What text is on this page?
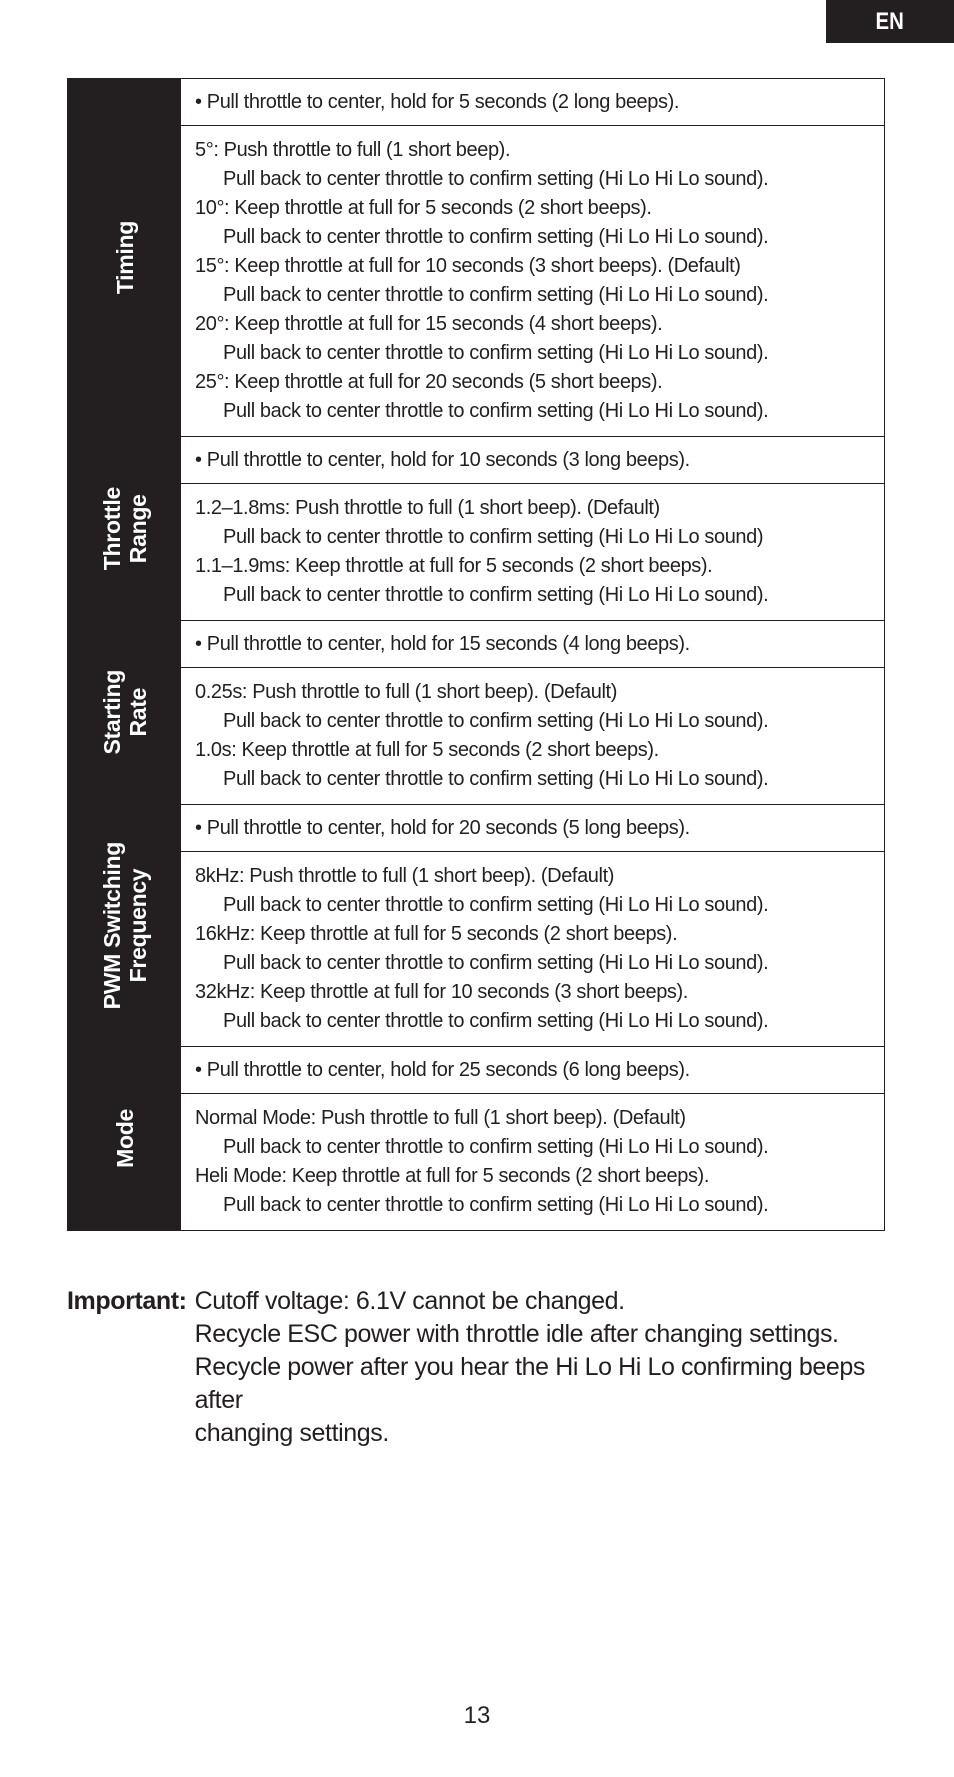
EN
Timing
• Pull throttle to center, hold for 5 seconds (2 long beeps).
5°: Push throttle to full (1 short beep).
Pull back to center throttle to confirm setting (Hi Lo Hi Lo sound).
10°: Keep throttle at full for 5 seconds (2 short beeps).
Pull back to center throttle to confirm setting (Hi Lo Hi Lo sound).
15°: Keep throttle at full for 10 seconds (3 short beeps). (Default)
Pull back to center throttle to confirm setting (Hi Lo Hi Lo sound).
20°: Keep throttle at full for 15 seconds (4 short beeps).
Pull back to center throttle to confirm setting (Hi Lo Hi Lo sound).
25°: Keep throttle at full for 20 seconds (5 short beeps).
Pull back to center throttle to confirm setting (Hi Lo Hi Lo sound).
Throttle
Range
• Pull throttle to center, hold for 10 seconds (3 long beeps).
1.2–1.8ms: Push throttle to full (1 short beep). (Default)
Pull back to center throttle to confirm setting (Hi Lo Hi Lo sound)
1.1–1.9ms: Keep throttle at full for 5 seconds (2 short beeps).
Pull back to center throttle to confirm setting (Hi Lo Hi Lo sound).
Starting
Rate
• Pull throttle to center, hold for 15 seconds (4 long beeps).
0.25s: Push throttle to full (1 short beep). (Default)
Pull back to center throttle to confirm setting (Hi Lo Hi Lo sound).
1.0s: Keep throttle at full for 5 seconds (2 short beeps).
Pull back to center throttle to confirm setting (Hi Lo Hi Lo sound).
PWM Switching
Frequency
• Pull throttle to center, hold for 20 seconds (5 long beeps).
8kHz: Push throttle to full (1 short beep). (Default)
Pull back to center throttle to confirm setting (Hi Lo Hi Lo sound).
16kHz: Keep throttle at full for 5 seconds (2 short beeps).
Pull back to center throttle to confirm setting (Hi Lo Hi Lo sound).
32kHz: Keep throttle at full for 10 seconds (3 short beeps).
Pull back to center throttle to confirm setting (Hi Lo Hi Lo sound).
Mode
• Pull throttle to center, hold for 25 seconds (6 long beeps).
Normal Mode: Push throttle to full (1 short beep). (Default)
Pull back to center throttle to confirm setting (Hi Lo Hi Lo sound).
Heli Mode: Keep throttle at full for 5 seconds (2 short beeps).
Pull back to center throttle to confirm setting (Hi Lo Hi Lo sound).
Important: Cutoff voltage: 6.1V cannot be changed.
Recycle ESC power with throttle idle after changing settings.
Recycle power after you hear the Hi Lo Hi Lo confirming beeps after
changing settings.
13
